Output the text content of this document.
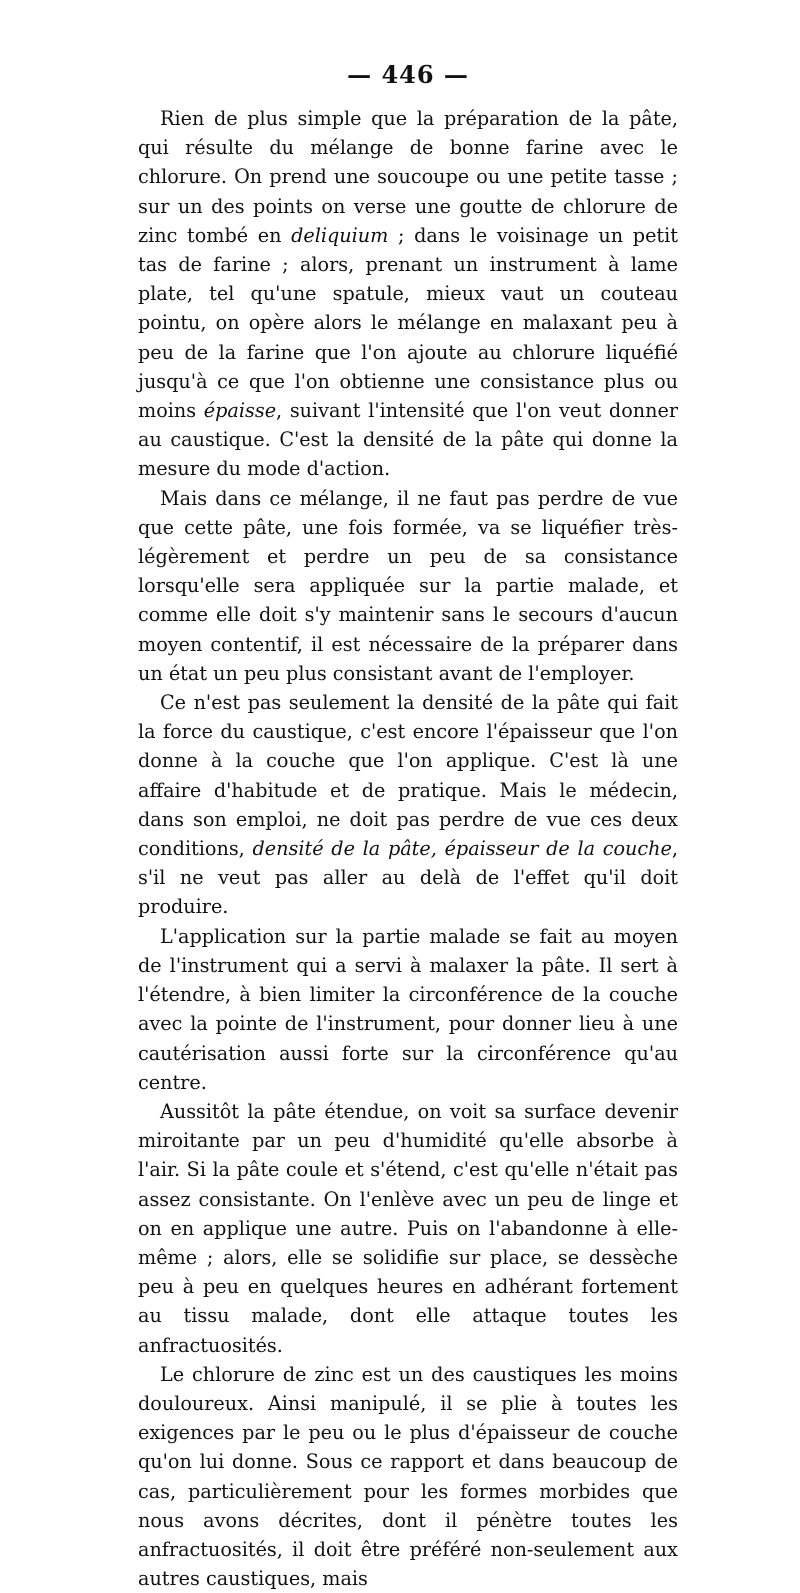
— 446 —

Rien de plus simple que la préparation de la pâte, qui résulte du mélange de bonne farine avec le chlorure. On prend une soucoupe ou une petite tasse ; sur un des points on verse une goutte de chlorure de zinc tombé en deliquium ; dans le voisinage un petit tas de farine ; alors, prenant un instrument à lame plate, tel qu'une spatule, mieux vaut un couteau pointu, on opère alors le mélange en malaxant peu à peu de la farine que l'on ajoute au chlorure liquéfié jusqu'à ce que l'on obtienne une consistance plus ou moins épaisse, suivant l'intensité que l'on veut donner au caustique. C'est la densité de la pâte qui donne la mesure du mode d'action.

Mais dans ce mélange, il ne faut pas perdre de vue que cette pâte, une fois formée, va se liquéfier très-légèrement et perdre un peu de sa consistance lorsqu'elle sera appliquée sur la partie malade, et comme elle doit s'y maintenir sans le secours d'aucun moyen contentif, il est nécessaire de la préparer dans un état un peu plus consistant avant de l'employer.

Ce n'est pas seulement la densité de la pâte qui fait la force du caustique, c'est encore l'épaisseur que l'on donne à la couche que l'on applique. C'est là une affaire d'habitude et de pratique. Mais le médecin, dans son emploi, ne doit pas perdre de vue ces deux conditions, densité de la pâte, épaisseur de la couche, s'il ne veut pas aller au delà de l'effet qu'il doit produire.

L'application sur la partie malade se fait au moyen de l'instrument qui a servi à malaxer la pâte. Il sert à l'étendre, à bien limiter la circonférence de la couche avec la pointe de l'instrument, pour donner lieu à une cautérisation aussi forte sur la circonférence qu'au centre.

Aussitôt la pâte étendue, on voit sa surface devenir miroitante par un peu d'humidité qu'elle absorbe à l'air. Si la pâte coule et s'étend, c'est qu'elle n'était pas assez consistante. On l'enlève avec un peu de linge et on en applique une autre. Puis on l'abandonne à elle-même ; alors, elle se solidifie sur place, se dessèche peu à peu en quelques heures en adhérant fortement au tissu malade, dont elle attaque toutes les anfractuosités.

Le chlorure de zinc est un des caustiques les moins douloureux. Ainsi manipulé, il se plie à toutes les exigences par le peu ou le plus d'épaisseur de couche qu'on lui donne. Sous ce rapport et dans beaucoup de cas, particulièrement pour les formes morbides que nous avons décrites, dont il pénètre toutes les anfractuosités, il doit être préféré non-seulement aux autres caustiques, mais
